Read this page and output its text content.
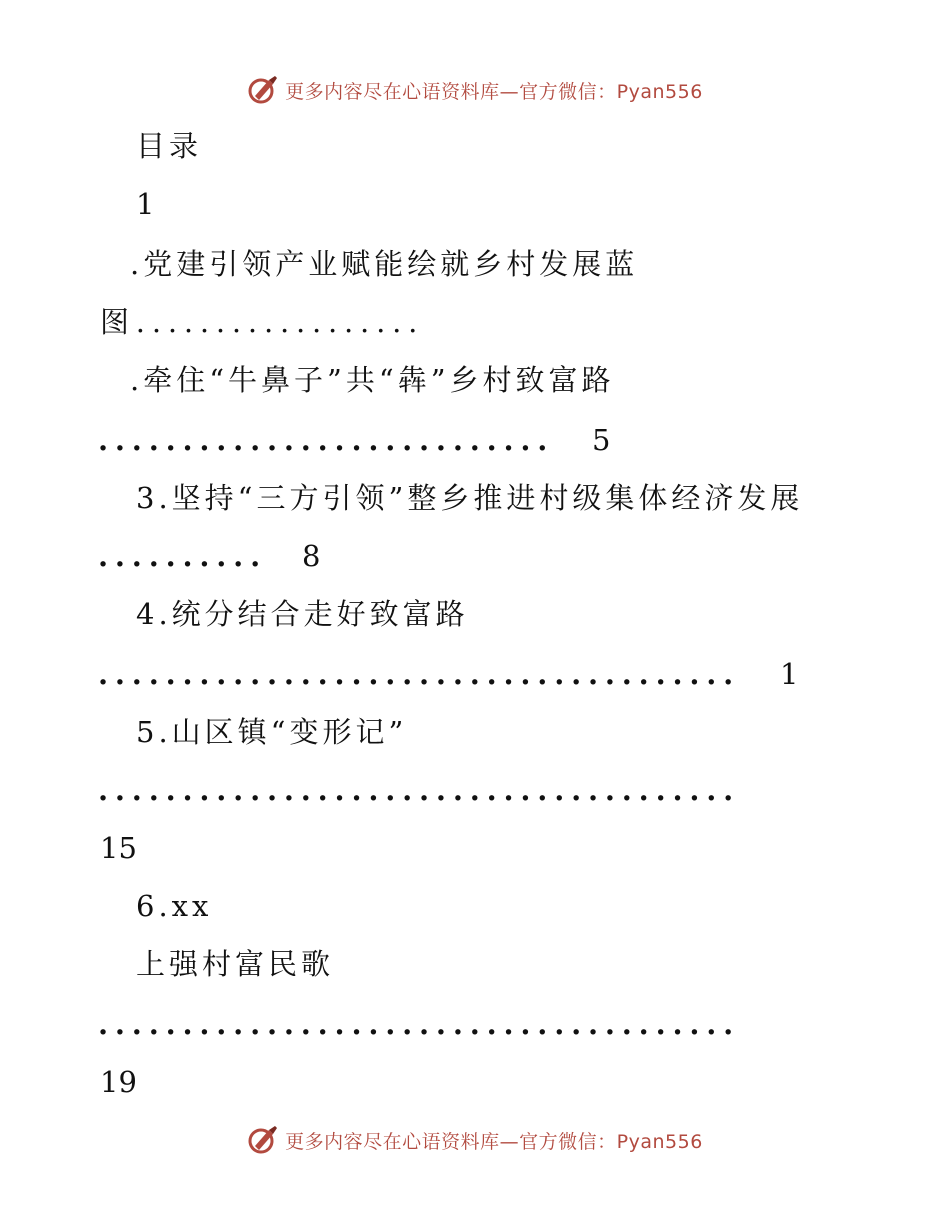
更多内容尽在心语资料库—官方微信：Pyan556
目录
1
.党建引领产业赋能绘就乡村发展蓝
图..................
.牵住“牛鼻子”共“犇”乡村致富路
........................... 5
3.坚持“三方引领”整乡推进村级集体经济发展
.......... 8
4.统分结合走好致富路
...................................... 1
5.山区镇“变形记”
......................................
15
6.xx
上强村富民歌
......................................
19
更多内容尽在心语资料库—官方微信：Pyan556
